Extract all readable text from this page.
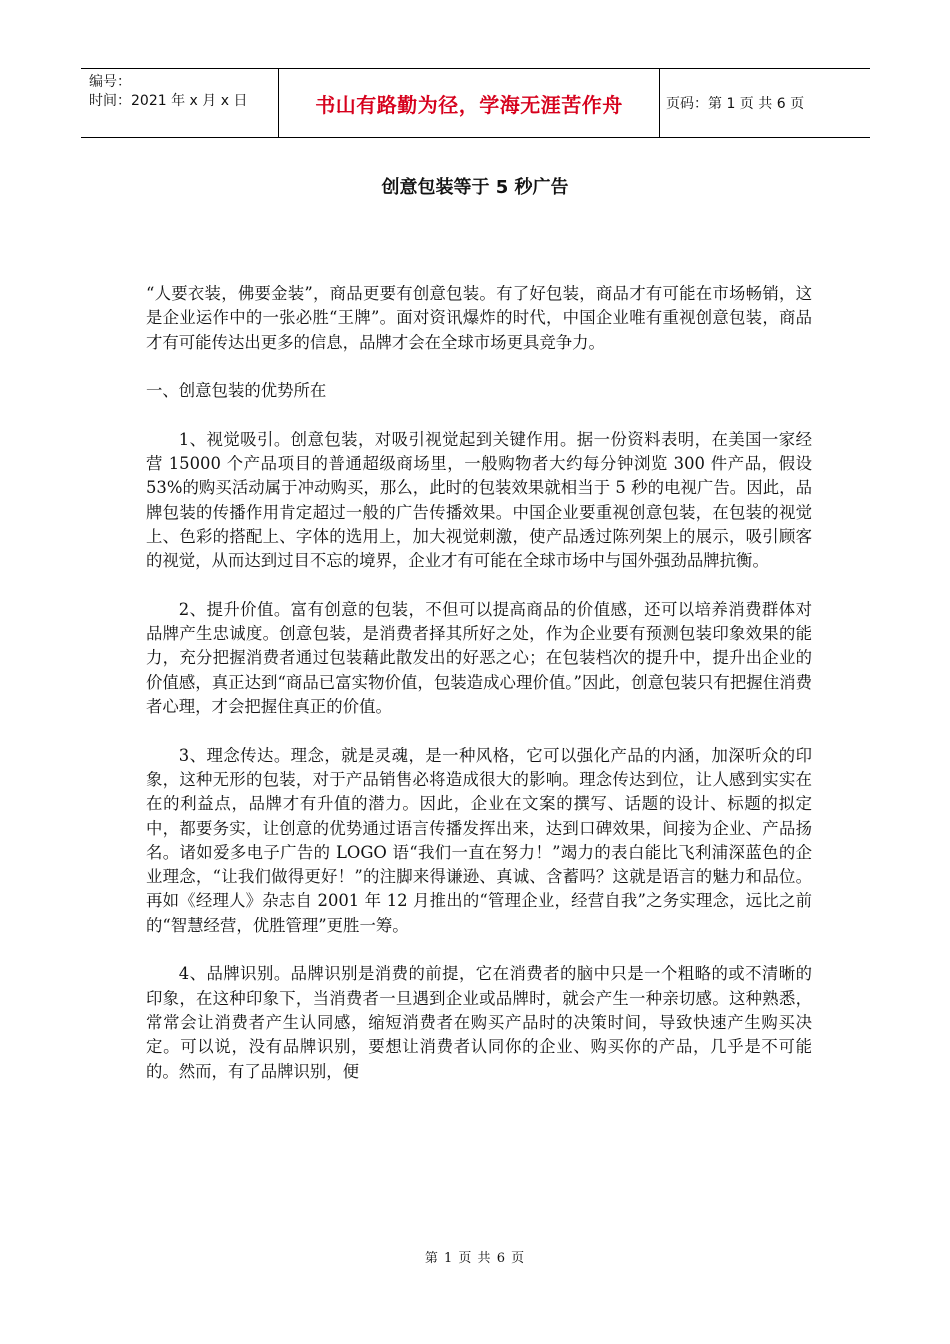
编号：
时间：2021 年 x 月 x 日	书山有路勤为径，学海无涯苦作舟	页码：第 1 页 共 6 页
创意包装等于 5 秒广告

“人要衣装，佛要金装”，商品更要有创意包装。有了好包装，商品才有可能在市场畅销，这是企业运作中的一张必胜“王牌”。面对资讯爆炸的时代，中国企业唯有重视创意包装，商品才有可能传达出更多的信息，品牌才会在全球市场更具竞争力。

一、创意包装的优势所在

1、视觉吸引。创意包装，对吸引视觉起到关键作用。据一份资料表明，在美国一家经营 15000 个产品项目的普通超级商场里，一般购物者大约每分钟浏览 300 件产品，假设 53%的购买活动属于冲动购买，那么，此时的包装效果就相当于 5 秒的电视广告。因此，品牌包装的传播作用肯定超过一般的广告传播效果。中国企业要重视创意包装，在包装的视觉上、色彩的搭配上、字体的选用上，加大视觉刺激，使产品透过陈列架上的展示，吸引顾客的视觉，从而达到过目不忘的境界，企业才有可能在全球市场中与国外强劲品牌抗衡。

2、提升价值。富有创意的包装，不但可以提高商品的价值感，还可以培养消费群体对品牌产生忠诚度。创意包装，是消费者择其所好之处，作为企业要有预测包装印象效果的能力，充分把握消费者通过包装藉此散发出的好恶之心；在包装档次的提升中，提升出企业的价值感，真正达到“商品已富实物价值，包装造成心理价值。”因此，创意包装只有把握住消费者心理，才会把握住真正的价值。

3、理念传达。理念，就是灵魂，是一种风格，它可以强化产品的内涵，加深听众的印象，这种无形的包装，对于产品销售必将造成很大的影响。理念传达到位，让人感到实实在在的利益点，品牌才有升值的潜力。因此，企业在文案的撰写、话题的设计、标题的拟定中，都要务实，让创意的优势通过语言传播发挥出来，达到口碑效果，间接为企业、产品扬名。诸如爱多电子广告的 LOGO 语“我们一直在努力！”竭力的表白能比飞利浦深蓝色的企业理念，“让我们做得更好！”的注脚来得谦逊、真诚、含蓄吗？这就是语言的魅力和品位。再如《经理人》杂志自 2001 年 12 月推出的“管理企业，经营自我”之务实理念，远比之前的“智慧经营，优胜管理”更胜一筹。

4、品牌识别。品牌识别是消费的前提，它在消费者的脑中只是一个粗略的或不清晰的印象，在这种印象下，当消费者一旦遇到企业或品牌时，就会产生一种亲切感。这种熟悉，常常会让消费者产生认同感，缩短消费者在购买产品时的决策时间，导致快速产生购买决定。可以说，没有品牌识别，要想让消费者认同你的企业、购买你的产品，几乎是不可能的。然而，有了品牌识别，便

第 1 页 共 6 页
